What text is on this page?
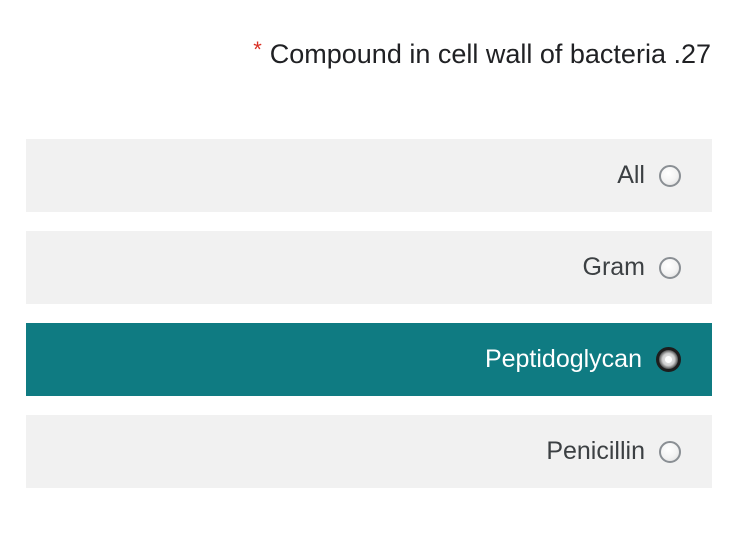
* Compound in cell wall of bacteria .27
All
Gram
Peptidoglycan
Penicillin
